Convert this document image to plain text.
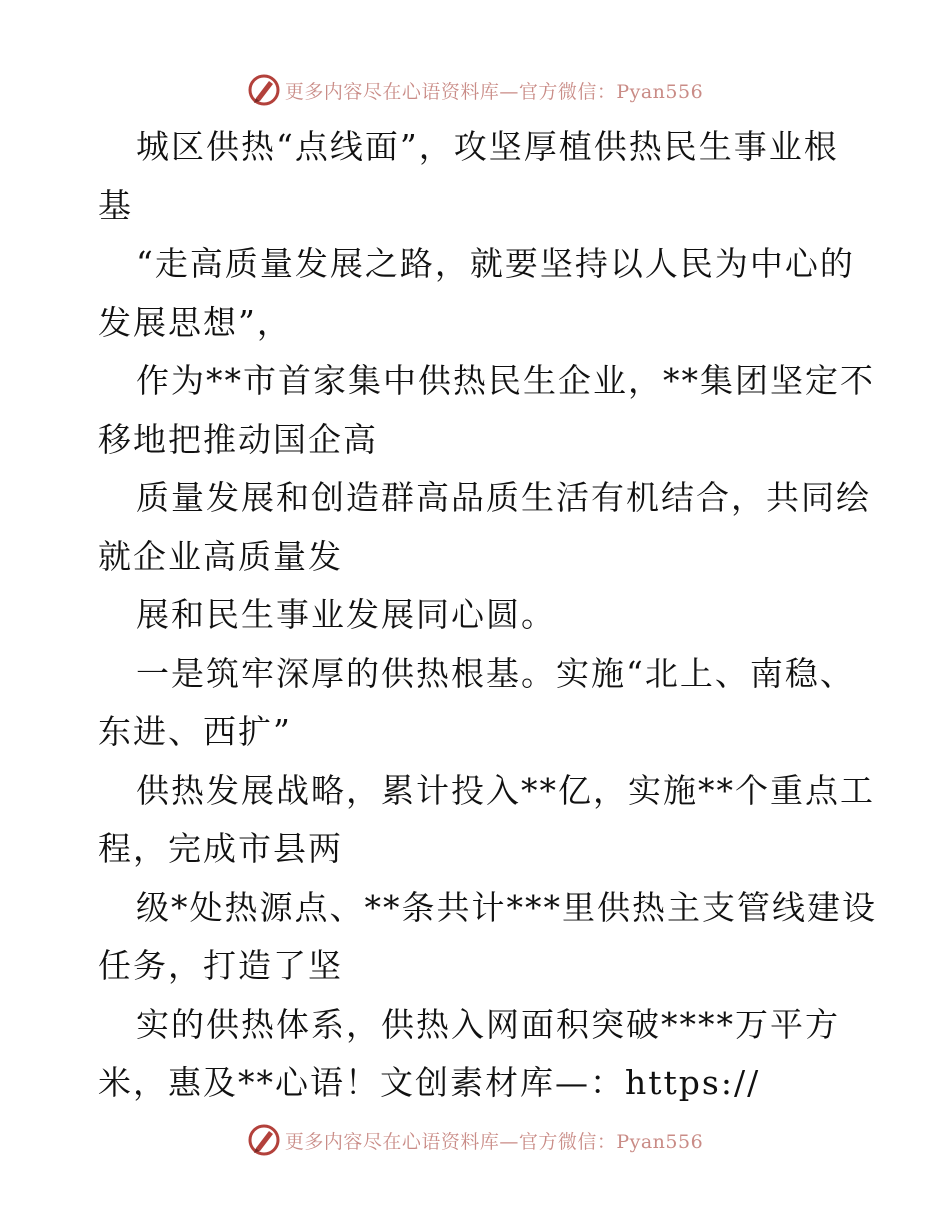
更多内容尽在心语资料库—官方微信：Pyan556
城区供热“点线面”，攻坚厚植供热民生事业根
基
“走高质量发展之路，就要坚持以人民为中心的
发展思想”，
作为**市首家集中供热民生企业，**集团坚定不
移地把推动国企高
质量发展和创造群高品质生活有机结合，共同绘
就企业高质量发
展和民生事业发展同心圆。
一是筑牢深厚的供热根基。实施“北上、南稳、
东进、西扩”
供热发展战略，累计投入**亿，实施**个重点工
程，完成市县两
级*处热源点、**条共计***里供热主支管线建设
任务，打造了坚
实的供热体系，供热入网面积突破****万平方
米，惠及**心语！文创素材库—：https://
更多内容尽在心语资料库—官方微信：Pyan556
